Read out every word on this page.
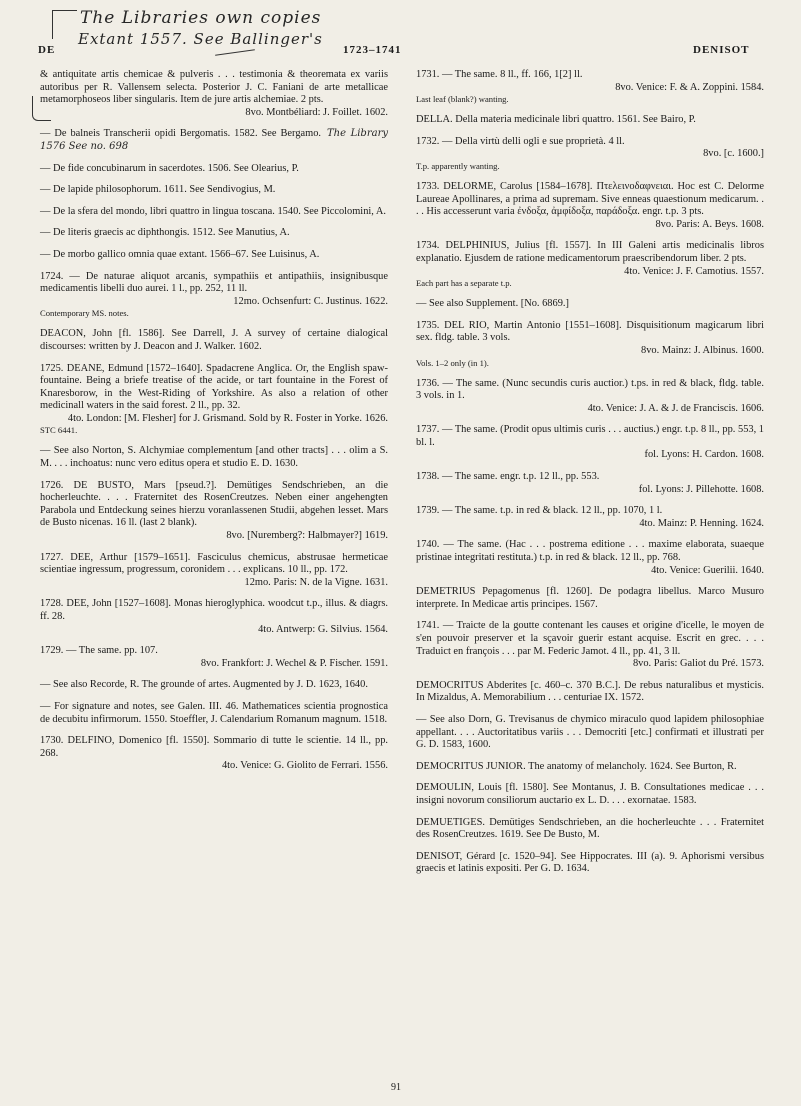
The Libraries own copies
Extant 1557. See Ballinger's
DE	1723–1741	DENISOT
& antiquitate artis chemicae & pulveris . . . testimonia & theoremata ex variis autoribus per R. Vallensem selecta. Posterior J. C. Faniani de arte metallicae metamorphoseos liber singularis. Item de jure artis alchemiae. 2 pts.
8vo. Montbéliard: J. Foillet. 1602.
— De balneis Transcherii opidi Bergomatis. 1582. See Bergamo. The Library 1576 See no. 698
— De fide concubinarum in sacerdotes. 1506. See Olearius, P.
— De lapide philosophorum. 1611. See Sendivogius, M.
— De la sfera del mondo, libri quattro in lingua toscana. 1540. See Piccolomini, A.
— De literis graecis ac diphthongis. 1512. See Manutius, A.
— De morbo gallico omnia quae extant. 1566–67. See Luisinus, A.
1724. — De naturae aliquot arcanis, sympathiis et antipathiis, insignibusque medicamentis libelli duo aurei. 1 l., pp. 252, 11 ll.
12mo. Ochsenfurt: C. Justinus. 1622.
Contemporary MS. notes.
DEACON, John [fl. 1586]. See Darrell, J. A survey of certaine dialogical discourses: written by J. Deacon and J. Walker. 1602.
1725. DEANE, Edmund [1572–1640]. Spadacrene Anglica. Or, the English spaw-fountaine. Being a briefe treatise of the acide, or tart fountaine in the Forest of Knaresborow, in the West-Riding of Yorkshire. As also a relation of other medicinall waters in the said forest. 2 ll., pp. 32.
4to. London: [M. Flesher] for J. Grismand. Sold by R. Foster in Yorke. 1626.
STC 6441.
— See also Norton, S. Alchymiae complementum [and other tracts] . . . olim a S. M. . . . inchoatus: nunc vero editus opera et studio E. D. 1630.
1726. DE BUSTO, Mars [pseud.?]. Demütiges Sendschrieben, an die hocherleuchte. . . . Fraternitet des RosenCreutzes. Neben einer angehengten Parabola und Entdeckung seines hierzu voranlassenen Studii, abgehen lesset. Mars de Busto nicenas. 16 ll. (last 2 blank).
8vo. [Nuremberg?: Halbmayer?] 1619.
1727. DEE, Arthur [1579–1651]. Fasciculus chemicus, abstrusae hermeticae scientiae ingressum, progressum, coronidem . . . explicans. 10 ll., pp. 172.
12mo. Paris: N. de la Vigne. 1631.
1728. DEE, John [1527–1608]. Monas hieroglyphica. woodcut t.p., illus. & diagrs. ff. 28.
4to. Antwerp: G. Silvius. 1564.
1729. — The same. pp. 107.
8vo. Frankfort: J. Wechel & P. Fischer. 1591.
— See also Recorde, R. The grounde of artes. Augmented by J. D. 1623, 1640.
— For signature and notes, see Galen. III. 46. Mathematices scientia prognostica de decubitu infirmorum. 1550. Stoeffler, J. Calendarium Romanum magnum. 1518.
1730. DELFINO, Domenico [fl. 1550]. Sommario di tutte le scientie. 14 ll., pp. 268.
4to. Venice: G. Giolito de Ferrari. 1556.
1731. — The same. 8 ll., ff. 166, 1[2] ll.
8vo. Venice: F. & A. Zoppini. 1584.
Last leaf (blank?) wanting.
DELLA. Della materia medicinale libri quattro. 1561. See Bairo, P.
1732. — Della virtù delli ogli e sue proprietà. 4 ll.
8vo. [c. 1600.]
T.p. apparently wanting.
1733. DELORME, Carolus [1584–1678]. Πτελεινοδαφνειαι. Hoc est C. Delorme Laureae Apollinares, a prima ad supremam. Sive enneas quaestionum medicarum. . . . His accesserunt varia ἐνδοξα, ἀμφίδοξα, παράδοξα. engr. t.p. 3 pts.
8vo. Paris: A. Beys. 1608.
1734. DELPHINIUS, Julius [fl. 1557]. In III Galeni artis medicinalis libros explanatio. Ejusdem de ratione medicamentorum praescribendorum liber. 2 pts.
4to. Venice: J. F. Camotius. 1557.
Each part has a separate t.p.
— See also Supplement. [No. 6869.]
1735. DEL RIO, Martin Antonio [1551–1608]. Disquisitionum magicarum libri sex. fldg. table. 3 vols.
8vo. Mainz: J. Albinus. 1600.
Vols. 1–2 only (in 1).
1736. — The same. (Nunc secundis curis auctior.) t.ps. in red & black, fldg. table. 3 vols. in 1.
4to. Venice: J. A. & J. de Franciscis. 1606.
1737. — The same. (Prodit opus ultimis curis . . . auctius.) engr. t.p. 8 ll., pp. 553, 1 bl. l.
fol. Lyons: H. Cardon. 1608.
1738. — The same. engr. t.p. 12 ll., pp. 553.
fol. Lyons: J. Pillehotte. 1608.
1739. — The same. t.p. in red & black. 12 ll., pp. 1070, 1 l.
4to. Mainz: P. Henning. 1624.
1740. — The same. (Hac . . . postrema editione . . . maxime elaborata, suaeque pristinae integritati restituta.) t.p. in red & black. 12 ll., pp. 768.
4to. Venice: Guerilii. 1640.
DEMETRIUS Pepagomenus [fl. 1260]. De podagra libellus. Marco Musuro interprete. In Medicae artis principes. 1567.
1741. — Traicte de la goutte contenant les causes et origine d'icelle, le moyen de s'en pouvoir preserver et la sçavoir guerir estant acquise. Escrit en grec. . . . Traduict en françois . . . par M. Federic Jamot. 4 ll., pp. 41, 3 ll.
8vo. Paris: Galiot du Pré. 1573.
DEMOCRITUS Abderites [c. 460–c. 370 B.C.]. De rebus naturalibus et mysticis. In Mizaldus, A. Memorabilium . . . centuriae IX. 1572.
— See also Dorn, G. Trevisanus de chymico miraculo quod lapidem philosophiae appellant. . . . Auctoritatibus variis . . . Democriti [etc.] confirmati et illustrati per G. D. 1583, 1600.
DEMOCRITUS JUNIOR. The anatomy of melancholy. 1624. See Burton, R.
DEMOULIN, Louis [fl. 1580]. See Montanus, J. B. Consultationes medicae . . . insigni novorum consiliorum auctario ex L. D. . . . exornatae. 1583.
DEMUETIGES. Demütiges Sendschrieben, an die hocherleuchte . . . Fraternitet des RosenCreutzes. 1619. See De Busto, M.
DENISOT, Gérard [c. 1520–94]. See Hippocrates. III (a). 9. Aphorismi versibus graecis et latinis expositi. Per G. D. 1634.
91
